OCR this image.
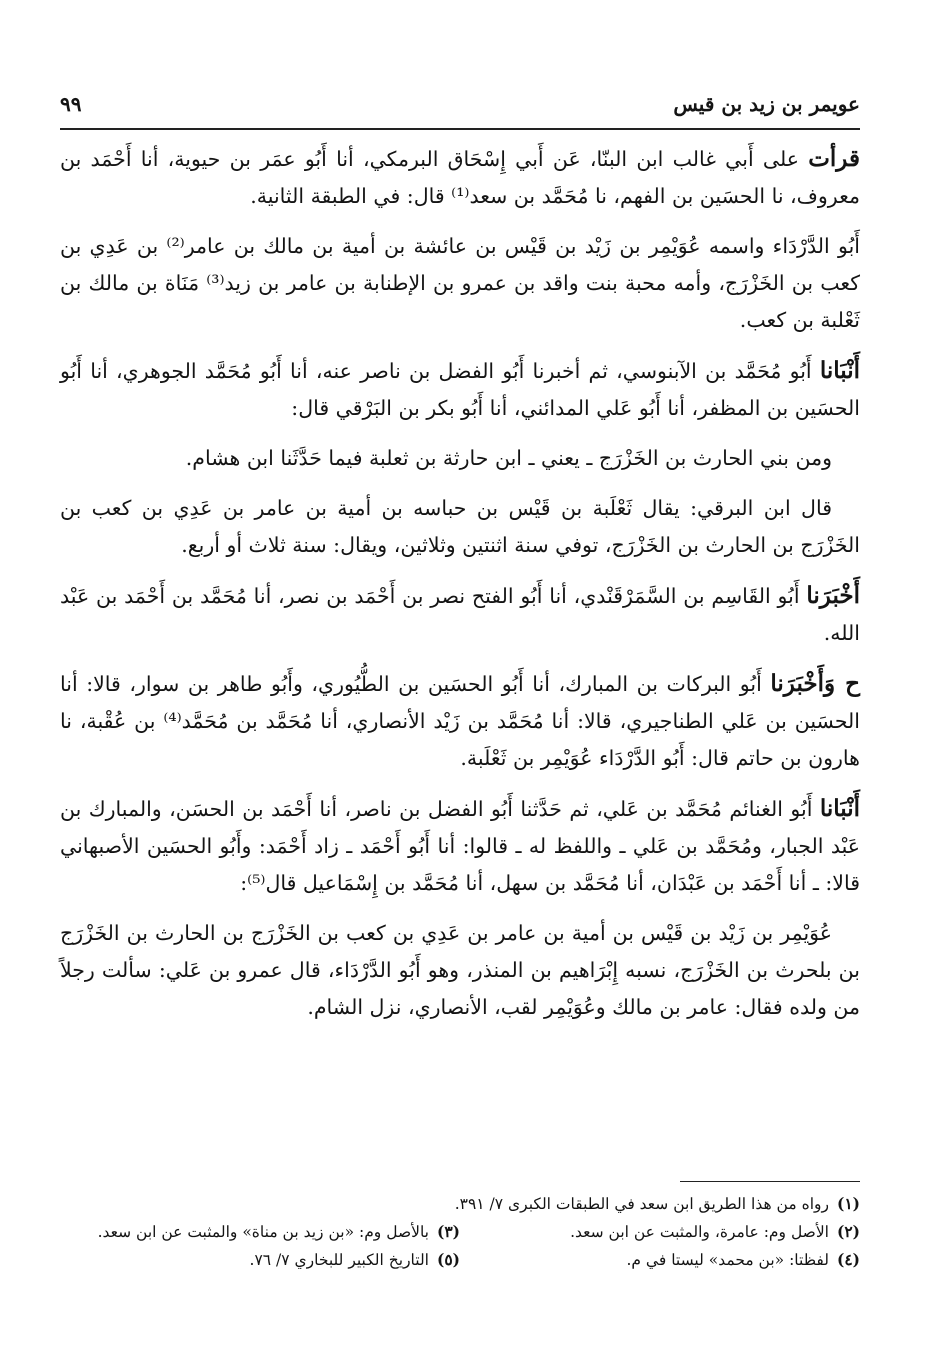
عويمر بن زيد بن قيس
٩٩

قرأت على أَبي غالب ابن البنّا، عَن أَبي إِسْحَاق البرمكي، أنا أَبُو عمَر بن حيوية، أنا أَحْمَد بن معروف، نا الحسَين بن الفهم، نا مُحَمَّد بن سعد⁽¹⁾ قال: في الطبقة الثانية.

أَبُو الدَّرْدَاء واسمه عُوَيْمِر بن زَيْد بن قَيْس بن عائشة بن أمية بن مالك بن عامر⁽²⁾ بن عَدِي بن كعب بن الخَزْرَج، وأمه محبة بنت واقد بن عمرو بن الإطنابة بن عامر بن زيد⁽³⁾ مَنَاة بن مالك بن ثَعْلبة بن كعب.

أَنْبَانا أَبُو مُحَمَّد بن الآبنوسي، ثم أخبرنا أَبُو الفضل بن ناصر عنه، أنا أَبُو مُحَمَّد الجوهري، أنا أَبُو الحسَين بن المظفر، أنا أَبُو عَلي المدائني، أنا أَبُو بكر بن البَرْقي قال:

ومن بني الحارث بن الخَزْرَج ـ يعني ـ ابن حارثة بن ثعلبة فيما حَدَّثَنا ابن هشام.

قال ابن البرقي: يقال ثَعْلَبة بن قَيْس بن حباسه بن أمية بن عامر بن عَدِي بن كعب بن الخَزْرَج بن الحارث بن الخَزْرَج، توفي سنة اثنتين وثلاثين، ويقال: سنة ثلاث أو أربع.

أَخْبَرَنا أَبُو القَاسِم بن السَّمَرْقَنْدي، أنا أَبُو الفتح نصر بن أَحْمَد بن نصر، أنا مُحَمَّد بن أَحْمَد بن عَبْد الله.

ح وَأَخْبَرَنا أَبُو البركات بن المبارك، أنا أَبُو الحسَين بن الطُّيُوري، وأَبُو طاهر بن سوار، قالا: أنا الحسَين بن عَلي الطناجيري، قالا: أنا مُحَمَّد بن زَيْد الأنصاري، أنا مُحَمَّد بن مُحَمَّد⁽⁴⁾ بن عُقْبة، نا هارون بن حاتم قال: أَبُو الدَّرْدَاء عُوَيْمِر بن ثَعْلَبة.

أَنْبَانا أَبُو الغنائم مُحَمَّد بن عَلي، ثم حَدَّثنا أَبُو الفضل بن ناصر، أنا أَحْمَد بن الحسَن، والمبارك بن عَبْد الجبار، ومُحَمَّد بن عَلي ـ واللفظ له ـ قالوا: أنا أَبُو أَحْمَد ـ زاد أَحْمَد: وأَبُو الحسَين الأصبهاني قالا: ـ أنا أَحْمَد بن عَبْدَان، أنا مُحَمَّد بن سهل، أنا مُحَمَّد بن إِسْمَاعيل قال⁽⁵⁾:

عُوَيْمِر بن زَيْد بن قَيْس بن أمية بن عامر بن عَدِي بن كعب بن الخَزْرَج بن الحارث بن الخَزْرَج بن بلحرث بن الخَزْرَج، نسبه إِبْرَاهيم بن المنذر، وهو أَبُو الدَّرْدَاء، قال عمرو بن عَلي: سألت رجلاً من ولده فقال: عامر بن مالك وعُوَيْمِر لقب، الأنصاري، نزل الشام.

(١)رواه من هذا الطريق ابن سعد في الطبقات الكبرى ٧/ ٣٩١.
(٢)الأصل وم: عامرة، والمثبت عن ابن سعد.
(٣)بالأصل وم: «بن زيد بن مناة» والمثبت عن ابن سعد.
(٤)لفظتا: «بن محمد» ليستا في م.
(٥)التاريخ الكبير للبخاري ٧/ ٧٦.
